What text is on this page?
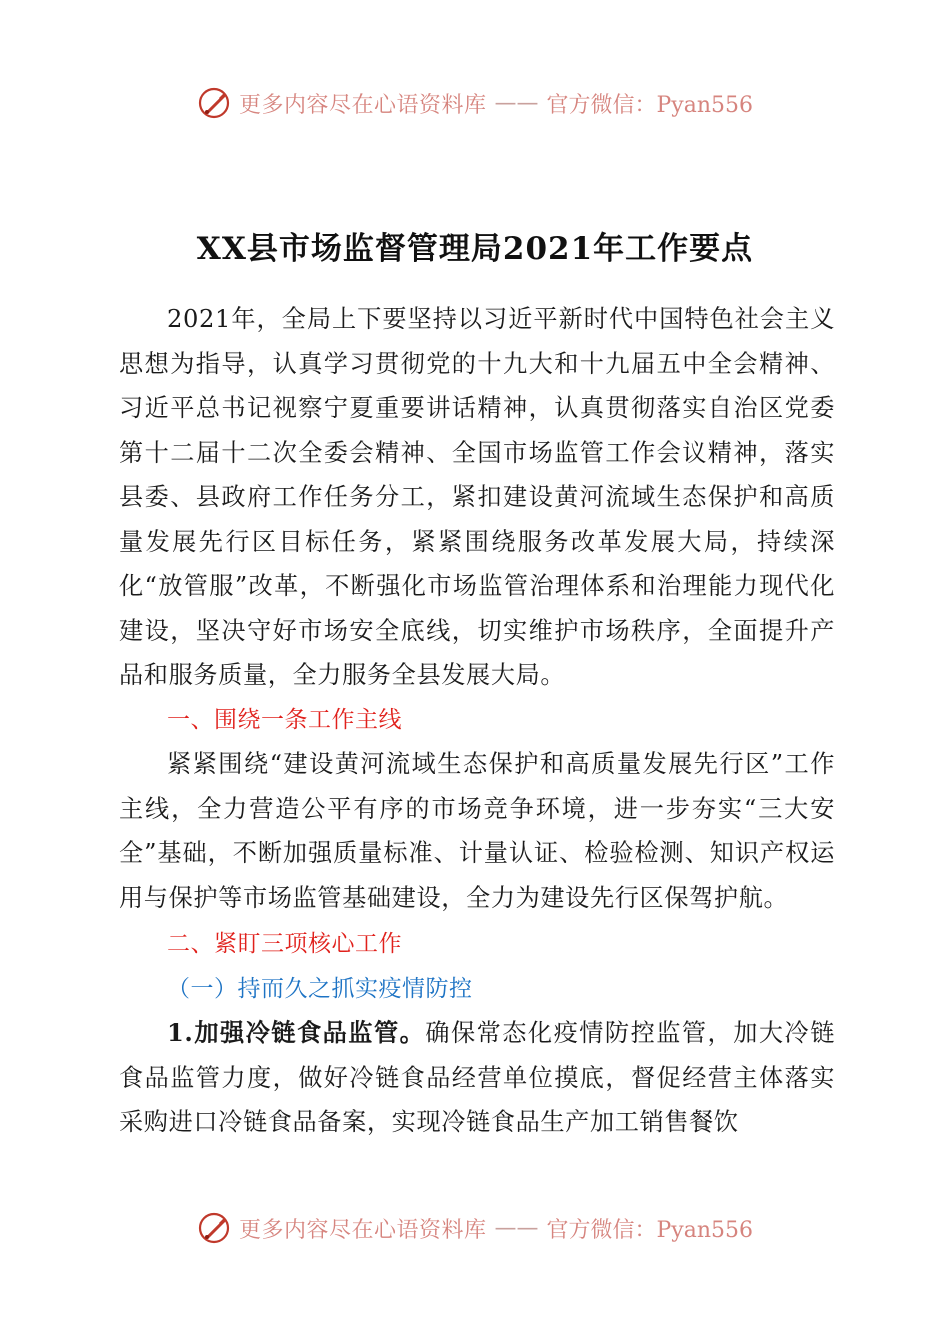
更多内容尽在心语资料库 —— 官方微信：Pyan556
XX县市场监督管理局2021年工作要点

2021年，全局上下要坚持以习近平新时代中国特色社会主义思想为指导，认真学习贯彻党的十九大和十九届五中全会精神、习近平总书记视察宁夏重要讲话精神，认真贯彻落实自治区党委第十二届十二次全委会精神、全国市场监管工作会议精神，落实县委、县政府工作任务分工，紧扣建设黄河流域生态保护和高质量发展先行区目标任务，紧紧围绕服务改革发展大局，持续深化“放管服”改革，不断强化市场监管治理体系和治理能力现代化建设，坚决守好市场安全底线，切实维护市场秩序，全面提升产品和服务质量，全力服务全县发展大局。

一、围绕一条工作主线

紧紧围绕“建设黄河流域生态保护和高质量发展先行区”工作主线，全力营造公平有序的市场竞争环境，进一步夯实“三大安全”基础，不断加强质量标准、计量认证、检验检测、知识产权运用与保护等市场监管基础建设，全力为建设先行区保驾护航。

二、紧盯三项核心工作

（一）持而久之抓实疫情防控

1.加强冷链食品监管。确保常态化疫情防控监管，加大冷链食品监管力度，做好冷链食品经营单位摸底，督促经营主体落实采购进口冷链食品备案，实现冷链食品生产加工销售餐饮

更多内容尽在心语资料库 —— 官方微信：Pyan556
